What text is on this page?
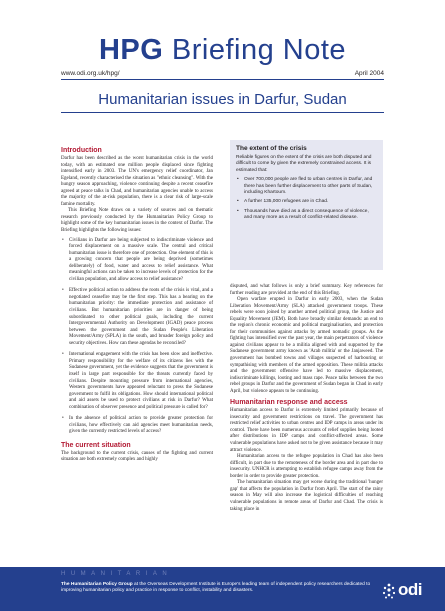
HPG Briefing Note
www.odi.org.uk/hpg/	April 2004
Humanitarian issues in Darfur, Sudan
Introduction

Darfur has been described as the worst humanitarian crisis in the world today, with an estimated one million people displaced since fighting intensified early in 2003. The UN's emergency relief coordinator, Jan Egeland, recently characterised the situation as "ethnic cleansing". With the hungry season approaching, violence continuing despite a recent ceasefire agreed at peace talks in Chad, and humanitarian agencies unable to access the majority of the at-risk population, there is a clear risk of large-scale famine mortality.

This Briefing Note draws on a variety of sources and on thematic research previously conducted by the Humanitarian Policy Group to highlight some of the key humanitarian issues in the context of Darfur. The Briefing highlights the following issues:

• Civilians in Darfur are being subjected to indiscriminate violence and forced displacement on a massive scale. The central and critical humanitarian issue is therefore one of protection. One element of this is a growing concern that people are being deprived (sometimes deliberately) of food, water and access to relief assistance. What meaningful actions can be taken to increase levels of protection for the civilian population, and allow access to relief assistance?
• Effective political action to address the roots of the crisis is vital, and a negotiated ceasefire may be the first step. This has a bearing on the humanitarian priority: the immediate protection and assistance of civilians. But humanitarian priorities are in danger of being subordinated to other political goals, including the current Intergovernmental Authority on Development (IGAD) peace process between the government and the Sudan People's Liberation Movement/Army (SPLA) in the south, and broader foreign policy and security objectives. How can these agendas be reconciled?
• International engagement with the crisis has been slow and ineffective. Primary responsibility for the welfare of its citizens lies with the Sudanese government, yet the evidence suggests that the government is itself in large part responsible for the threats currently faced by civilians. Despite mounting pressure from international agencies, Western governments have appeared reluctant to press the Sudanese government to fulfil its obligations. How should international political and aid assets be used to protect civilians at risk in Darfur? What combination of observer presence and political pressure is called for?
• In the absence of political action to provide greater protection for civilians, how effectively can aid agencies meet humanitarian needs, given the currently restricted levels of access?
The current situation

The background to the current crisis, causes of the fighting and current situation are both extremely complex and highly

The extent of the crisis

Reliable figures on the extent of the crisis are both disputed and difficult to come by given the extremely constrained access. It is estimated that:

• Over 700,000 people are fled to urban centres in Darfur, and there has been further displacement to other parts of Sudan, including Khartoum.
• A further 135,000 refugees are in Chad.
• Thousands have died as a direct consequence of violence, and many more as a result of conflict-related disease.

disputed, and what follows is only a brief summary. Key references for further reading are provided at the end of this Briefing.

Open warfare erupted in Darfur in early 2003, when the Sudan Liberation Movement/Army (SLA) attacked government troops. These rebels were soon joined by another armed political group, the Justice and Equality Movement (JEM). Both have broadly similar demands: an end to the region's chronic economic and political marginalisation, and protection for their communities against attacks by armed nomadic groups. As the fighting has intensified over the past year, the main perpetrators of violence against civilians appear to be a militia aligned with and supported by the Sudanese government army known as 'Arab militia' or the Janjaweed. The government has bombed towns and villages suspected of harbouring or sympathising with members of the armed opposition. These militia attacks and the government offensive have led to massive displacement, indiscriminate killings, looting and mass rape. Peace talks between the two rebel groups in Darfur and the government of Sudan began in Chad in early April, but violence appears to be continuing.

Humanitarian response and access

Humanitarian access to Darfur is extremely limited primarily because of insecurity and government restrictions on travel. The government has restricted relief activities to urban centres and IDP camps in areas under its control. There have been numerous accounts of relief supplies being looted after distributions in IDP camps and conflict-affected areas. Some vulnerable populations have asked not to be given assistance because it may attract violence.

Humanitarian access to the refugee population in Chad has also been difficult, in part due to the remoteness of the border area and in part due to insecurity. UNHCR is attempting to establish refugee camps away from the border in order to provide greater protection.

The humanitarian situation may get worse during the traditional 'hunger gap' that affects the population in Darfur from April. The start of the rainy season in May will also increase the logistical difficulties of reaching vulnerable populations in remote areas of Darfur and Chad. The crisis is taking place in

HUMANITARIAN
The Humanitarian Policy Group at the Overseas Development Institute is Europe's leading team of independent policy researchers dedicated to improving humanitarian policy and practice in response to conflict, instability and disasters.	odi
